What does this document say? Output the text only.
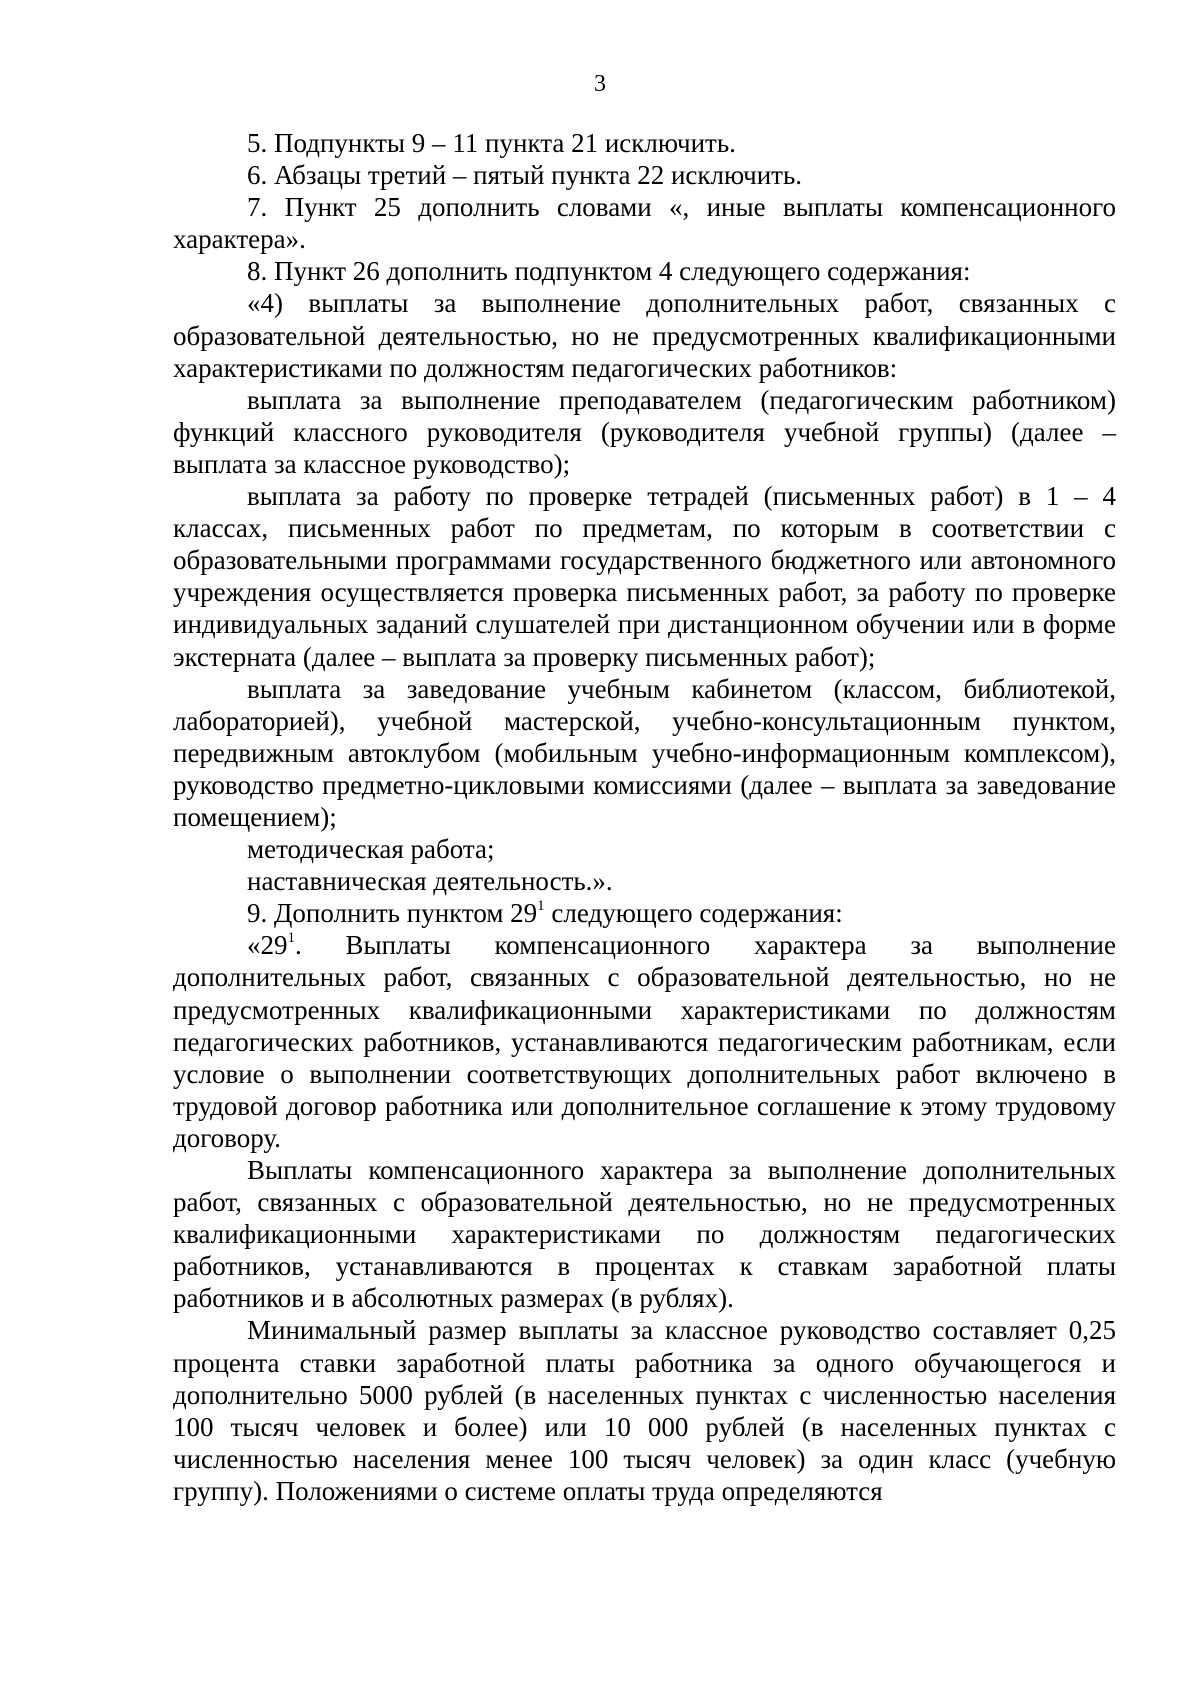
3

5. Подпункты 9 – 11 пункта 21 исключить.

6. Абзацы третий – пятый пункта 22 исключить.

7. Пункт 25 дополнить словами «, иные выплаты компенсационного характера».

8. Пункт 26 дополнить подпунктом 4 следующего содержания:

«4) выплаты за выполнение дополнительных работ, связанных с образовательной деятельностью, но не предусмотренных квалификационными характеристиками по должностям педагогических работников:

выплата за выполнение преподавателем (педагогическим работником) функций классного руководителя (руководителя учебной группы) (далее – выплата за классное руководство);

выплата за работу по проверке тетрадей (письменных работ) в 1 – 4 классах, письменных работ по предметам, по которым в соответствии с образовательными программами государственного бюджетного или автономного учреждения осуществляется проверка письменных работ, за работу по проверке индивидуальных заданий слушателей при дистанционном обучении или в форме экстерната (далее – выплата за проверку письменных работ);

выплата за заведование учебным кабинетом (классом, библиотекой, лабораторией), учебной мастерской, учебно-консультационным пунктом, передвижным автоклубом (мобильным учебно-информационным комплексом), руководство предметно-цикловыми комиссиями (далее – выплата за заведование помещением);

методическая работа;

наставническая деятельность.».

9. Дополнить пунктом $29^1$ следующего содержания:

«$29^1$. Выплаты компенсационного характера за выполнение дополнительных работ, связанных с образовательной деятельностью, но не предусмотренных квалификационными характеристиками по должностям педагогических работников, устанавливаются педагогическим работникам, если условие о выполнении соответствующих дополнительных работ включено в трудовой договор работника или дополнительное соглашение к этому трудовому договору.

Выплаты компенсационного характера за выполнение дополнительных работ, связанных с образовательной деятельностью, но не предусмотренных квалификационными характеристиками по должностям педагогических работников, устанавливаются в процентах к ставкам заработной платы работников и в абсолютных размерах (в рублях).

Минимальный размер выплаты за классное руководство составляет 0,25 процента ставки заработной платы работника за одного обучающегося и дополнительно 5000 рублей (в населенных пунктах с численностью населения 100 тысяч человек и более) или 10 000 рублей (в населенных пунктах с численностью населения менее 100 тысяч человек) за один класс (учебную группу). Положениями о системе оплаты труда определяются
